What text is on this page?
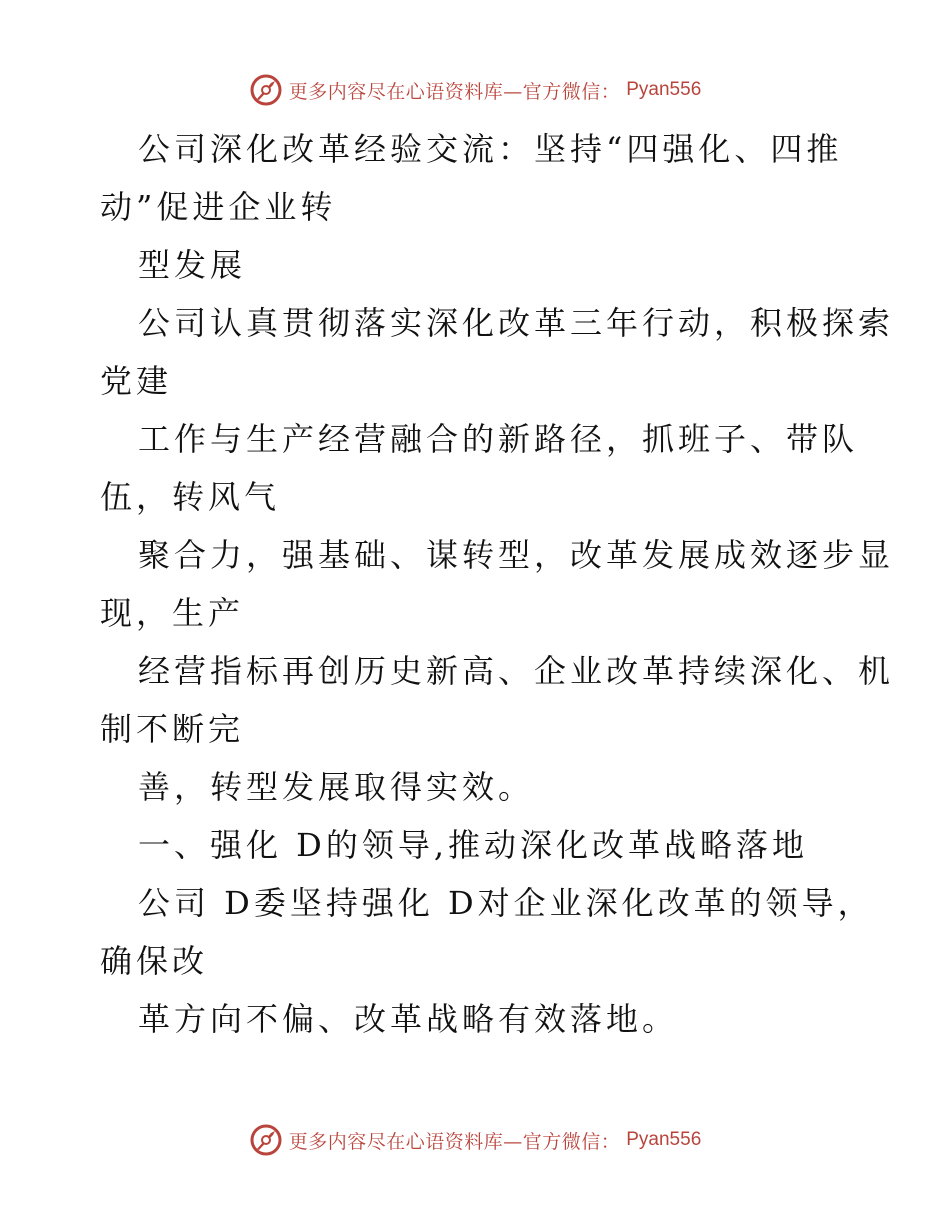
更多内容尽在心语资料库—官方微信： Pyan556
公司深化改革经验交流：坚持“四强化、四推
动”促进企业转
型发展
公司认真贯彻落实深化改革三年行动，积极探索
党建
工作与生产经营融合的新路径，抓班子、带队
伍，转风气
聚合力，强基础、谋转型，改革发展成效逐步显
现，生产
经营指标再创历史新高、企业改革持续深化、机
制不断完
善，转型发展取得实效。
一、强化 D的领导,推动深化改革战略落地
公司 D委坚持强化 D对企业深化改革的领导，
确保改
革方向不偏、改革战略有效落地。
更多内容尽在心语资料库—官方微信： Pyan556
